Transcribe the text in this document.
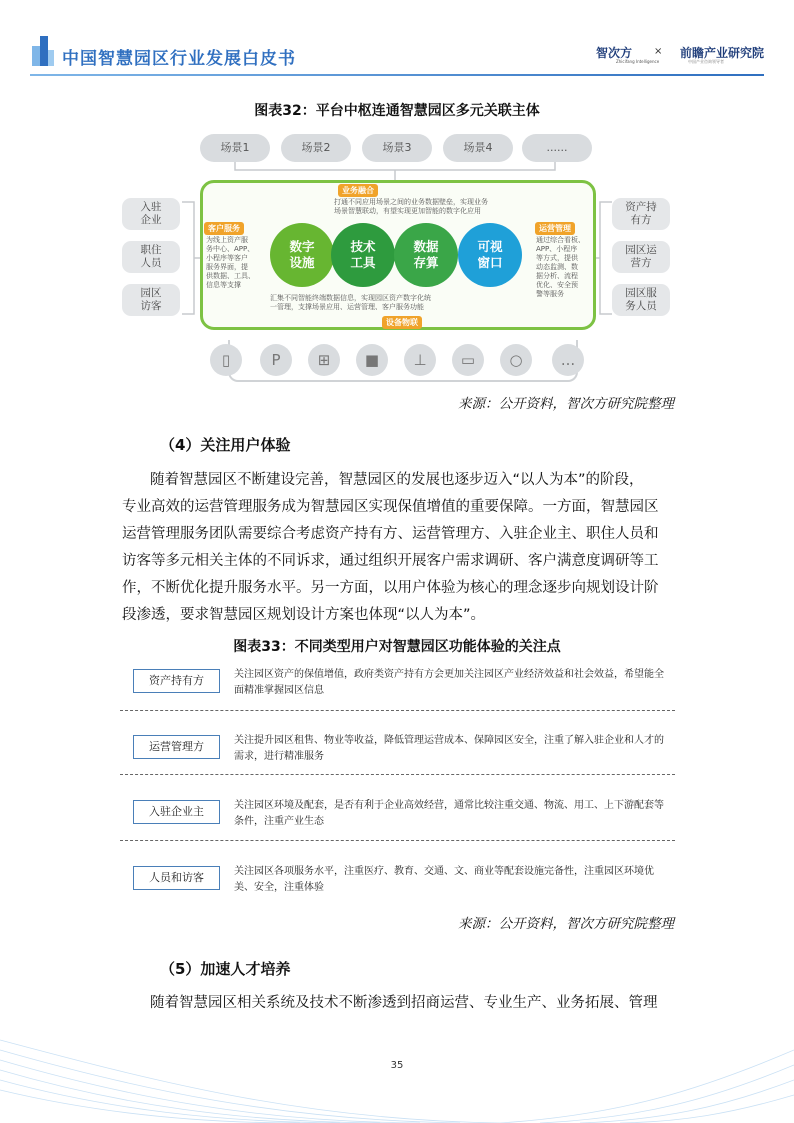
中国智慧园区行业发展白皮书	智次方
Zhicifang Intelligence
× 前瞻产业研究院
中国产业咨询领导者
图表32：平台中枢连通智慧园区多元关联主体
场景1	场景2	场景3	场景4	......
入驻
企业
职住
人员
园区
访客
资产持
有方
园区运
营方
园区服
务人员
业务融合
打通不同应用场景之间的业务数据壁垒，实现业务
场景智慧联动，有望实现更加智能的数字化应用
客户服务
为线上资产服
务中心、APP、
小程序等客户
服务界面，提
供数据、工具、
信息等支撑
运营管理
通过综合看板、
APP、小程序
等方式，提供
动态监测、数
据分析、流程
优化、安全预
警等服务
数字
设施
技术
工具
数据
存算
可视
窗口
汇集不同智能终端数据信息，实现园区资产数字化统
一管理，支撑场景应用、运营管理、客户服务功能
设备物联
▯	P ⊞ ■ ⊥ ▭ ○	...
来源：公开资料，智次方研究院整理
（4）关注用户体验
随着智慧园区不断建设完善，智慧园区的发展也逐步迈入“以人为本”的阶段，
专业高效的运营管理服务成为智慧园区实现保值增值的重要保障。一方面，智慧园区
运营管理服务团队需要综合考虑资产持有方、运营管理方、入驻企业主、职住人员和
访客等多元相关主体的不同诉求，通过组织开展客户需求调研、客户满意度调研等工
作，不断优化提升服务水平。另一方面，以用户体验为核心的理念逐步向规划设计阶
段渗透，要求智慧园区规划设计方案也体现“以人为本”。
图表33：不同类型用户对智慧园区功能体验的关注点
资产持有方	关注园区资产的保值增值，政府类资产持有方会更加关注园区产业经济效益和社会效益，希望能全面精准掌握园区信息
运营管理方	关注提升园区租售、物业等收益，降低管理运营成本、保障园区安全，注重了解入驻企业和人才的需求，进行精准服务
入驻企业主	关注园区环境及配套，是否有利于企业高效经营，通常比较注重交通、物流、用工、上下游配套等条件，注重产业生态
人员和访客	关注园区各项服务水平，注重医疗、教育、交通、文、商业等配套设施完备性，注重园区环境优美、安全，注重体验
来源：公开资料，智次方研究院整理
（5）加速人才培养
随着智慧园区相关系统及技术不断渗透到招商运营、专业生产、业务拓展、管理
35
